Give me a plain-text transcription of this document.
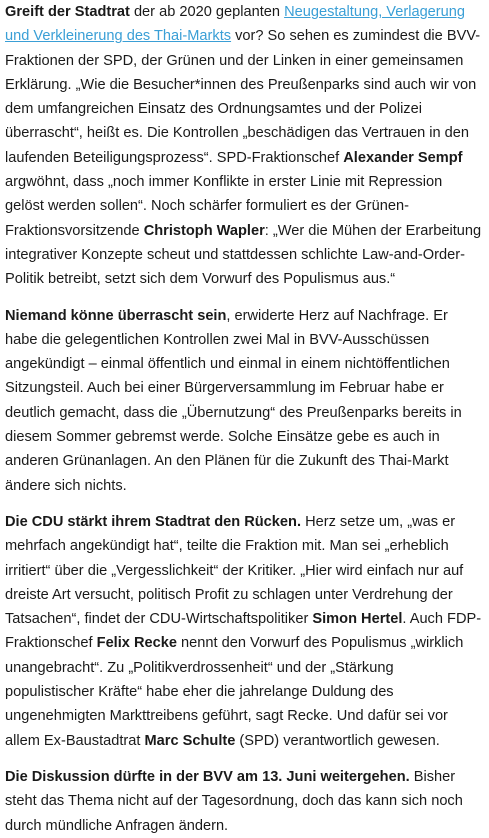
Greift der Stadtrat der ab 2020 geplanten Neugestaltung, Verlagerung und Verkleinerung des Thai-Markts vor? So sehen es zumindest die BVV-Fraktionen der SPD, der Grünen und der Linken in einer gemeinsamen Erklärung. „Wie die Besucher*innen des Preußenparks sind auch wir von dem umfangreichen Einsatz des Ordnungsamtes und der Polizei überrascht“, heißt es. Die Kontrollen „beschädigen das Vertrauen in den laufenden Beteiligungsprozess“. SPD-Fraktionschef Alexander Sempf argwöhnt, dass „noch immer Konflikte in erster Linie mit Repression gelöst werden sollen“. Noch schärfer formuliert es der Grünen-Fraktionsvorsitzende Christoph Wapler: „Wer die Mühen der Erarbeitung integrativer Konzepte scheut und stattdessen schlichte Law-and-Order-Politik betreibt, setzt sich dem Vorwurf des Populismus aus.“

Niemand könne überrascht sein, erwiderte Herz auf Nachfrage. Er habe die gelegentlichen Kontrollen zwei Mal in BVV-Ausschüssen angekündigt – einmal öffentlich und einmal in einem nichtöffentlichen Sitzungsteil. Auch bei einer Bürgerversammlung im Februar habe er deutlich gemacht, dass die „Übernutzung“ des Preußenparks bereits in diesem Sommer gebremst werde. Solche Einsätze gebe es auch in anderen Grünanlagen. An den Plänen für die Zukunft des Thai-Markt ändere sich nichts.

Die CDU stärkt ihrem Stadtrat den Rücken. Herz setze um, „was er mehrfach angekündigt hat“, teilte die Fraktion mit. Man sei „erheblich irritiert“ über die „Vergesslichkeit“ der Kritiker. „Hier wird einfach nur auf dreiste Art versucht, politisch Profit zu schlagen unter Verdrehung der Tatsachen“, findet der CDU-Wirtschaftspolitiker Simon Hertel. Auch FDP-Fraktionschef Felix Recke nennt den Vorwurf des Populismus „wirklich unangebracht“. Zu „Politikverdrossenheit“ und der „Stärkung populistischer Kräfte“ habe eher die jahrelange Duldung des ungenehmigten Markttreibens geführt, sagt Recke. Und dafür sei vor allem Ex-Baustadtrat Marc Schulte (SPD) verantwortlich gewesen.

Die Diskussion dürfte in der BVV am 13. Juni weitergehen. Bisher steht das Thema nicht auf der Tagesordnung, doch das kann sich noch durch mündliche Anfragen ändern.
